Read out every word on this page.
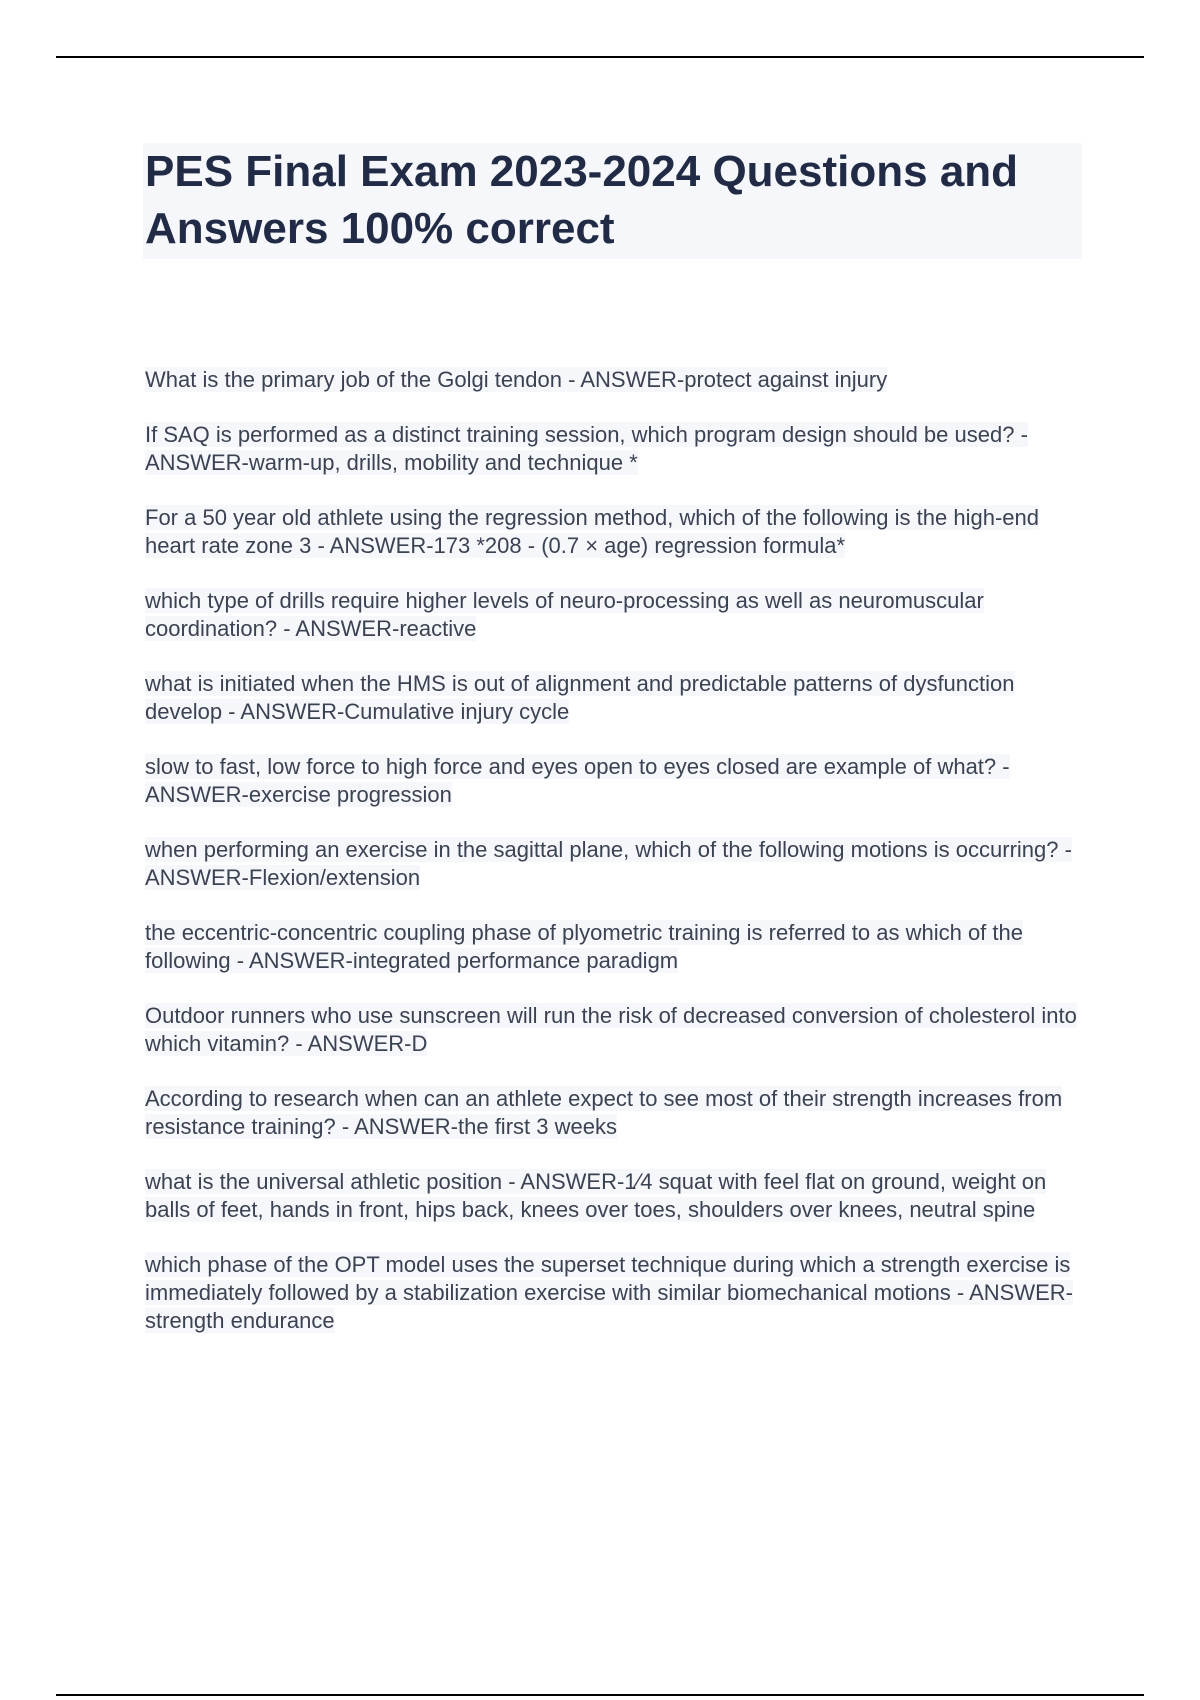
PES Final Exam 2023-2024 Questions and Answers 100% correct
What is the primary job of the Golgi tendon - ANSWER-protect against injury
If SAQ is performed as a distinct training session, which program design should be used? - ANSWER-warm-up, drills, mobility and technique *
For a 50 year old athlete using the regression method, which of the following is the high-end heart rate zone 3 - ANSWER-173 *208 - (0.7 × age) regression formula*
which type of drills require higher levels of neuro-processing as well as neuromuscular coordination? - ANSWER-reactive
what is initiated when the HMS is out of alignment and predictable patterns of dysfunction develop - ANSWER-Cumulative injury cycle
slow to fast, low force to high force and eyes open to eyes closed are example of what? - ANSWER-exercise progression
when performing an exercise in the sagittal plane, which of the following motions is occurring? - ANSWER-Flexion/extension
the eccentric-concentric coupling phase of plyometric training is referred to as which of the following - ANSWER-integrated performance paradigm
Outdoor runners who use sunscreen will run the risk of decreased conversion of cholesterol into which vitamin? - ANSWER-D
According to research when can an athlete expect to see most of their strength increases from resistance training? - ANSWER-the first 3 weeks
what is the universal athletic position - ANSWER-1⁄4 squat with feel flat on ground, weight on balls of feet, hands in front, hips back, knees over toes, shoulders over knees, neutral spine
which phase of the OPT model uses the superset technique during which a strength exercise is immediately followed by a stabilization exercise with similar biomechanical motions - ANSWER-strength endurance
